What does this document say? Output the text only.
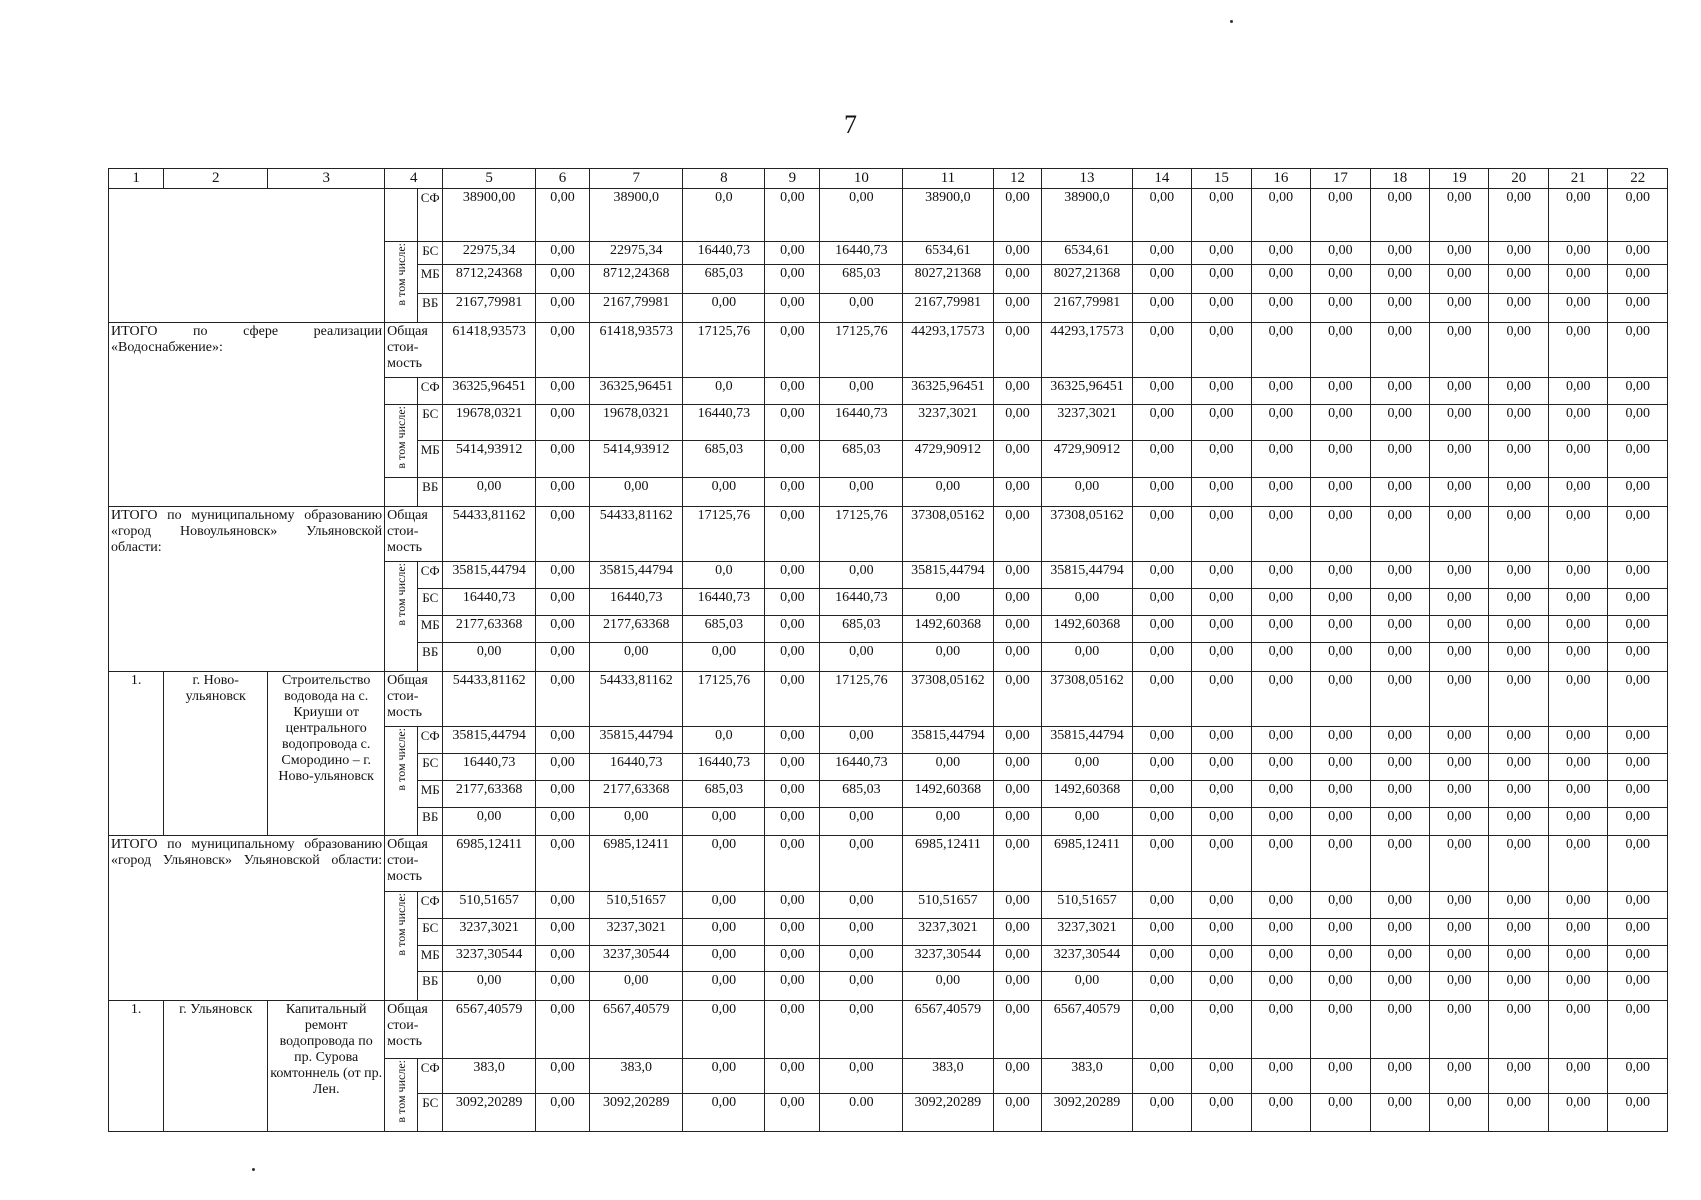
7
1	2	3	4		5	6	7	8	9	10	11	12	13	14	15	16	17	18	19	20	21	22
				СФ	38900,00	0,00	38900,0	0,0	0,00	0,00	38900,0	0,00	38900,0	0,00	0,00	0,00	0,00	0,00	0,00	0,00	0,00	0,00
			в том числе:	БС	22975,34	0,00	22975,34	16440,73	0,00	16440,73	6534,61	0,00	6534,61	0,00	0,00	0,00	0,00	0,00	0,00	0,00	0,00	0,00
				МБ	8712,24368	0,00	8712,24368	685,03	0,00	685,03	8027,21368	0,00	8027,21368	0,00	0,00	0,00	0,00	0,00	0,00	0,00	0,00	0,00
				ВБ	2167,79981	0,00	2167,79981	0,00	0,00	0,00	2167,79981	0,00	2167,79981	0,00	0,00	0,00	0,00	0,00	0,00	0,00	0,00	0,00
ИТОГО по сфере реализации «Водоснабжение»:			Общая стои-мость		61418,93573	0,00	61418,93573	17125,76	0,00	17125,76	44293,17573	0,00	44293,17573	0,00	0,00	0,00	0,00	0,00	0,00	0,00	0,00	0,00
				СФ	36325,96451	0,00	36325,96451	0,0	0,00	0,00	36325,96451	0,00	36325,96451	0,00	0,00	0,00	0,00	0,00	0,00	0,00	0,00	0,00
			в том числе:	БС	19678,0321	0,00	19678,0321	16440,73	0,00	16440,73	3237,3021	0,00	3237,3021	0,00	0,00	0,00	0,00	0,00	0,00	0,00	0,00	0,00
				МБ	5414,93912	0,00	5414,93912	685,03	0,00	685,03	4729,90912	0,00	4729,90912	0,00	0,00	0,00	0,00	0,00	0,00	0,00	0,00	0,00
				ВБ	0,00	0,00	0,00	0,00	0,00	0,00	0,00	0,00	0,00	0,00	0,00	0,00	0,00	0,00	0,00	0,00	0,00	0,00
ИТОГО по муниципальному образованию «город Новоульяновск» Ульяновской области:			Общая стои-мость		54433,81162	0,00	54433,81162	17125,76	0,00	17125,76	37308,05162	0,00	37308,05162	0,00	0,00	0,00	0,00	0,00	0,00	0,00	0,00	0,00
			в том числе:	СФ	35815,44794	0,00	35815,44794	0,0	0,00	0,00	35815,44794	0,00	35815,44794	0,00	0,00	0,00	0,00	0,00	0,00	0,00	0,00	0,00
				БС	16440,73	0,00	16440,73	16440,73	0,00	16440,73	0,00	0,00	0,00	0,00	0,00	0,00	0,00	0,00	0,00	0,00	0,00	0,00
				МБ	2177,63368	0,00	2177,63368	685,03	0,00	685,03	1492,60368	0,00	1492,60368	0,00	0,00	0,00	0,00	0,00	0,00	0,00	0,00	0,00
				ВБ	0,00	0,00	0,00	0,00	0,00	0,00	0,00	0,00	0,00	0,00	0,00	0,00	0,00	0,00	0,00	0,00	0,00	0,00
1.	г. Ново-ульяновск	Строительство водовода на с. Криуши от центрального водопровода с. Смородино – г. Ново-ульяновск	Общая стои-мость		54433,81162	0,00	54433,81162	17125,76	0,00	17125,76	37308,05162	0,00	37308,05162	0,00	0,00	0,00	0,00	0,00	0,00	0,00	0,00	0,00
			в том числе:	СФ	35815,44794	0,00	35815,44794	0,0	0,00	0,00	35815,44794	0,00	35815,44794	0,00	0,00	0,00	0,00	0,00	0,00	0,00	0,00	0,00
				БС	16440,73	0,00	16440,73	16440,73	0,00	16440,73	0,00	0,00	0,00	0,00	0,00	0,00	0,00	0,00	0,00	0,00	0,00	0,00
				МБ	2177,63368	0,00	2177,63368	685,03	0,00	685,03	1492,60368	0,00	1492,60368	0,00	0,00	0,00	0,00	0,00	0,00	0,00	0,00	0,00
				ВБ	0,00	0,00	0,00	0,00	0,00	0,00	0,00	0,00	0,00	0,00	0,00	0,00	0,00	0,00	0,00	0,00	0,00	0,00
ИТОГО по муниципальному образованию «город Ульяновск» Ульяновской области:			Общая стои-мость		6985,12411	0,00	6985,12411	0,00	0,00	0,00	6985,12411	0,00	6985,12411	0,00	0,00	0,00	0,00	0,00	0,00	0,00	0,00	0,00
			в том числе:	СФ	510,51657	0,00	510,51657	0,00	0,00	0,00	510,51657	0,00	510,51657	0,00	0,00	0,00	0,00	0,00	0,00	0,00	0,00	0,00
				БС	3237,3021	0,00	3237,3021	0,00	0,00	0,00	3237,3021	0,00	3237,3021	0,00	0,00	0,00	0,00	0,00	0,00	0,00	0,00	0,00
				МБ	3237,30544	0,00	3237,30544	0,00	0,00	0,00	3237,30544	0,00	3237,30544	0,00	0,00	0,00	0,00	0,00	0,00	0,00	0,00	0,00
				ВБ	0,00	0,00	0,00	0,00	0,00	0,00	0,00	0,00	0,00	0,00	0,00	0,00	0,00	0,00	0,00	0,00	0,00	0,00
1.	г. Ульяновск	Капитальный ремонт водопровода по пр. Сурова комтоннель (от пр. Лен.	Общая стои-мость		6567,40579	0,00	6567,40579	0,00	0,00	0,00	6567,40579	0,00	6567,40579	0,00	0,00	0,00	0,00	0,00	0,00	0,00	0,00	0,00
			в том числе:	СФ	383,0	0,00	383,0	0,00	0,00	0,00	383,0	0,00	383,0	0,00	0,00	0,00	0,00	0,00	0,00	0,00	0,00	0,00
				БС	3092,20289	0,00	3092,20289	0,00	0,00	0.00	3092,20289	0,00	3092,20289	0,00	0,00	0,00	0,00	0,00	0,00	0,00	0,00	0,00
